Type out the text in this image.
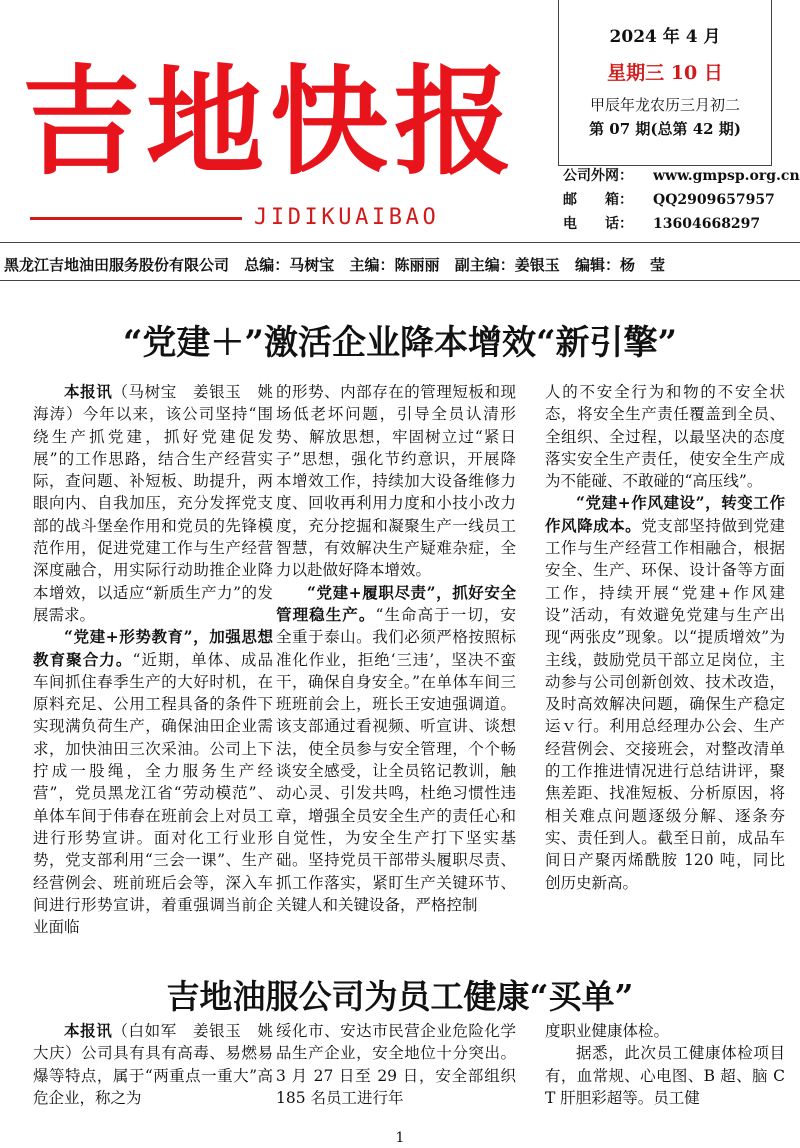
吉地快报
JIDIKUAIBAO
2024 年 4 月
星期三 10 日
甲辰年龙农历三月初二
第 07 期(总第 42 期)
公司外网： www.gmpsp.org.cn
邮　　箱： QQ2909657957
电　　话： 13604668297
黑龙江吉地油田服务股份有限公司 总编：马树宝 主编：陈丽丽 副主编：姜银玉 编辑：杨　莹
“党建＋”激活企业降本增效“新引擎”

本报讯（马树宝　姜银玉　姚海涛）今年以来，该公司坚持“围绕生产抓党建，抓好党建促发展”的工作思路，结合生产经营实际，查问题、补短板、助提升，两眼向内、自我加压，充分发挥党支部的战斗堡垒作用和党员的先锋模范作用，促进党建工作与生产经营深度融合，用实际行动助推企业降本增效，以适应“新质生产力”的发展需求。

“党建+形势教育”，加强思想教育聚合力。“近期，单体、成品车间抓住春季生产的大好时机，在原料充足、公用工程具备的条件下实现满负荷生产，确保油田企业需求，加快油田三次采油。公司上下拧成一股绳，全力服务生产经营”，党员黑龙江省“劳动模范”、单体车间于伟春在班前会上对员工进行形势宣讲。面对化工行业形势，党支部利用“三会一课”、生产经营例会、班前班后会等，深入车间进行形势宣讲，着重强调当前企业面临

的形势、内部存在的管理短板和现场低老坏问题，引导全员认清形势、解放思想，牢固树立过“紧日子”思想，强化节约意识，开展降本增效工作，持续加大设备维修力度、回收再利用力度和小技小改力度，充分挖掘和凝聚生产一线员工智慧，有效解决生产疑难杂症，全力以赴做好降本增效。

“党建+履职尽责”，抓好安全管理稳生产。“生命高于一切，安全重于泰山。我们必须严格按照标准化作业，拒绝‘三违’，坚决不蛮干，确保自身安全。”在单体车间三班班前会上，班长王安迪强调道。该支部通过看视频、听宣讲、谈想法，使全员参与安全管理，个个畅谈安全感受，让全员铭记教训，触动心灵、引发共鸣，杜绝习惯性违章，增强全员安全生产的责任心和自觉性，为安全生产打下坚实基础。坚持党员干部带头履职尽责、抓工作落实，紧盯生产关键环节、关键人和关键设备，严格控制

人的不安全行为和物的不安全状态，将安全生产责任覆盖到全员、全组织、全过程，以最坚决的态度落实安全生产责任，使安全生产成为不能碰、不敢碰的“高压线”。

“党建+作风建设”，转变工作作风降成本。党支部坚持做到党建工作与生产经营工作相融合，根据安全、生产、环保、设计备等方面工作，持续开展“党建+作风建设”活动，有效避免党建与生产出现“两张皮”现象。以“提质增效”为主线，鼓励党员干部立足岗位，主动参与公司创新创效、技术改造，及时高效解决问题，确保生产稳定运ｖ行。利用总经理办公会、生产经营例会、交接班会，对整改清单的工作推进情况进行总结讲评，聚焦差距、找准短板、分析原因，将相关难点问题逐级分解、逐条夯实、责任到人。截至日前，成品车间日产聚丙烯酰胺 120 吨，同比创历史新高。

吉地油服公司为员工健康“买单”

本报讯（白如军　姜银玉　姚大庆）公司具有具有高毒、易燃易爆等特点，属于“两重点一重大”高危企业，称之为

绥化市、安达市民营企业危险化学品生产企业，安全地位十分突出。3 月 27 日至 29 日，安全部组织 185 名员工进行年

度职业健康体检。

据悉，此次员工健康体检项目有，血常规、心电图、B 超、脑 CT 肝胆彩超等。员工健

1
